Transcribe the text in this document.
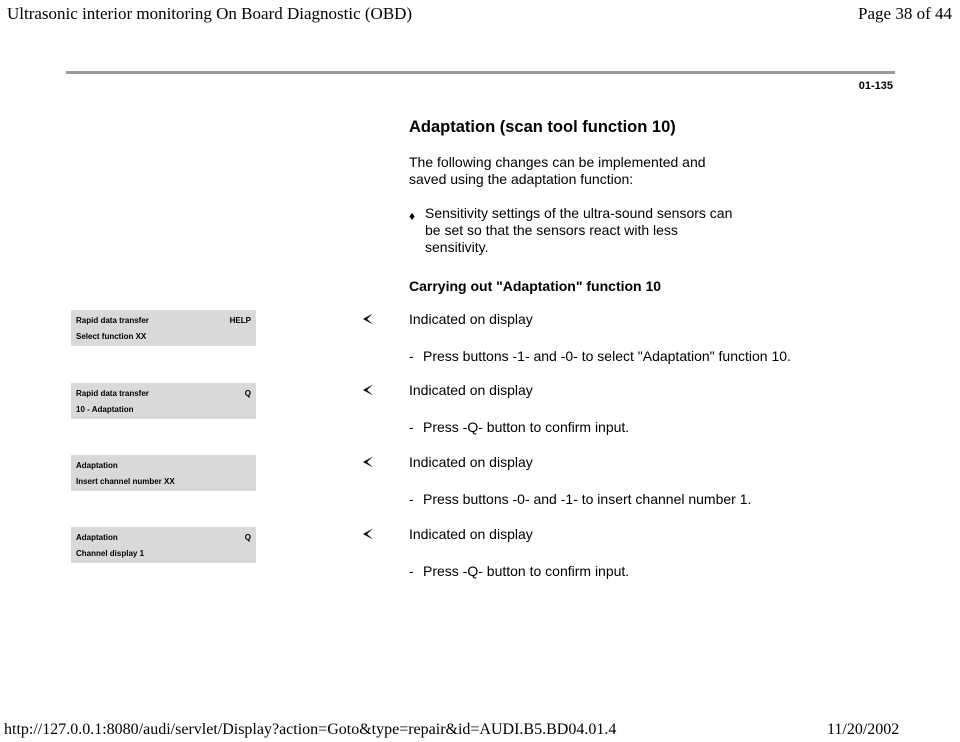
Ultrasonic interior monitoring On Board Diagnostic (OBD)	Page 38 of 44
01-135
Adaptation (scan tool function 10)
The following changes can be implemented and saved using the adaptation function:
♦ Sensitivity settings of the ultra-sound sensors can be set so that the sensors react with less sensitivity.
Carrying out "Adaptation" function 10
Rapid data transfer	HELP
Select function XX
Indicated on display
- Press buttons -1- and -0- to select "Adaptation" function 10.
Rapid data transfer	Q
10 - Adaptation
Indicated on display
- Press -Q- button to confirm input.
Adaptation
Insert channel number XX
Indicated on display
- Press buttons -0- and -1- to insert channel number 1.
Adaptation	Q
Channel display 1
Indicated on display
- Press -Q- button to confirm input.
http://127.0.0.1:8080/audi/servlet/Display?action=Goto&type=repair&id=AUDI.B5.BD04.01.4	11/20/2002
